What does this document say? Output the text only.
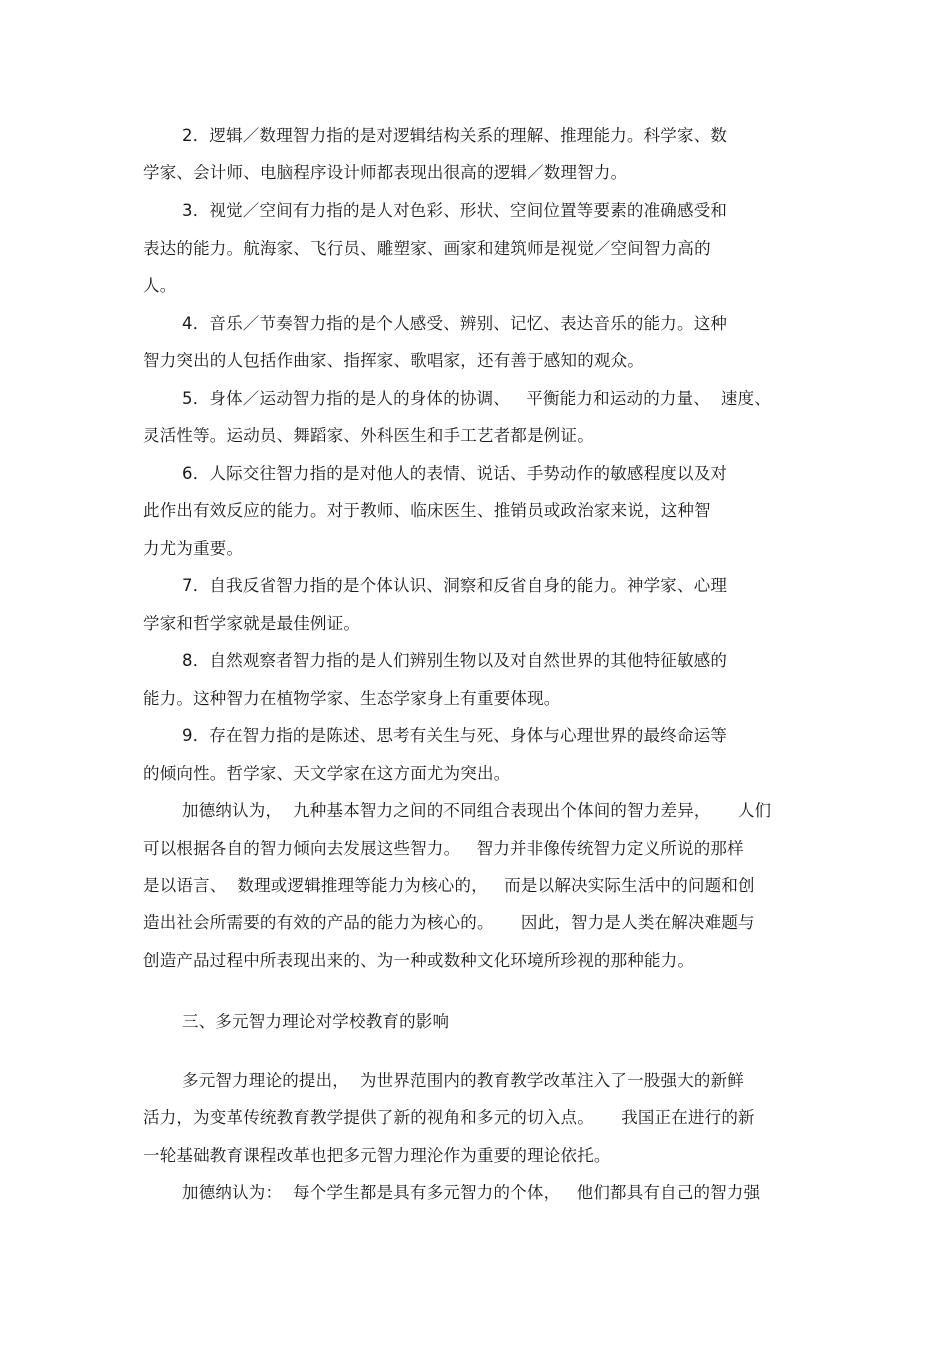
2．逻辑／数理智力指的是对逻辑结构关系的理解、推理能力。科学家、数
学家、会计师、电脑程序设计师都表现出很高的逻辑／数理智力。
3．视觉／空间有力指的是人对色彩、形状、空间位置等要素的准确感受和
表达的能力。航海家、飞行员、雕塑家、画家和建筑师是视觉／空间智力高的
人。
4．音乐／节奏智力指的是个人感受、辨别、记忆、表达音乐的能力。这种
智力突出的人包括作曲家、指挥家、歌唱家，还有善于感知的观众。
5．身体／运动智力指的是人的身体的协调、   平衡能力和运动的力量、  速度、
灵活性等。运动员、舞蹈家、外科医生和手工艺者都是例证。
6．人际交往智力指的是对他人的表情、说话、手势动作的敏感程度以及对
此作出有效反应的能力。对于教师、临床医生、推销员或政治家来说，这种智
力尤为重要。
7．自我反省智力指的是个体认识、洞察和反省自身的能力。神学家、心理
学家和哲学家就是最佳例证。
8．自然观察者智力指的是人们辨别生物以及对自然世界的其他特征敏感的
能力。这种智力在植物学家、生态学家身上有重要体现。
9．存在智力指的是陈述、思考有关生与死、身体与心理世界的最终命运等
的倾向性。哲学家、天文学家在这方面尤为突出。
加德纳认为，  九种基本智力之间的不同组合表现出个体间的智力差异，     人们
可以根据各自的智力倾向去发展这些智力。   智力并非像传统智力定义所说的那样
是以语言、  数理或逻辑推理等能力为核心的，   而是以解决实际生活中的问题和创
造出社会所需要的有效的产品的能力为核心的。     因此，智力是人类在解决难题与
创造产品过程中所表现出来的、为一种或数种文化环境所珍视的那种能力。
三、多元智力理论对学校教育的影响
多元智力理论的提出，  为世界范围内的教育教学改革注入了一股强大的新鲜
活力，为变革传统教育教学提供了新的视角和多元的切入点。     我国正在进行的新
一轮基础教育课程改革也把多元智力理沦作为重要的理论依托。
加德纳认为：  每个学生都是具有多元智力的个体，   他们都具有自己的智力强
